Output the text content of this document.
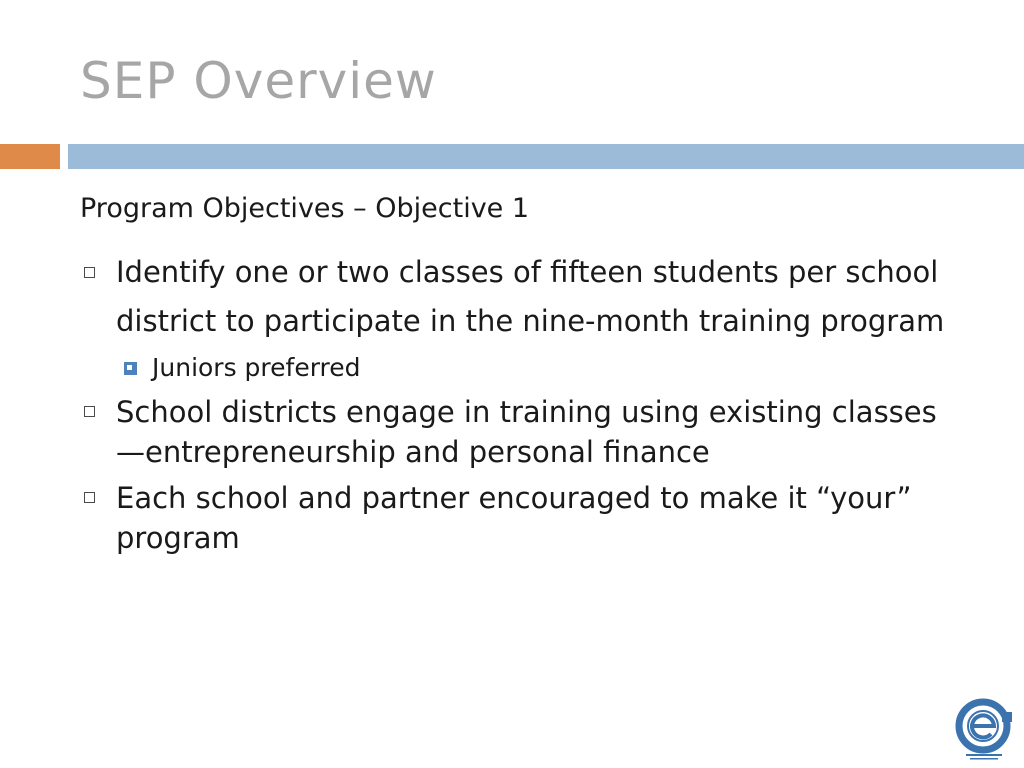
SEP Overview
Program Objectives – Objective 1
Identify one or two classes of fifteen students per school district to participate in the nine-month training program
Juniors preferred
School districts engage in training using existing classes—entrepreneurship and personal finance
Each school and partner encouraged to make it “your” program
